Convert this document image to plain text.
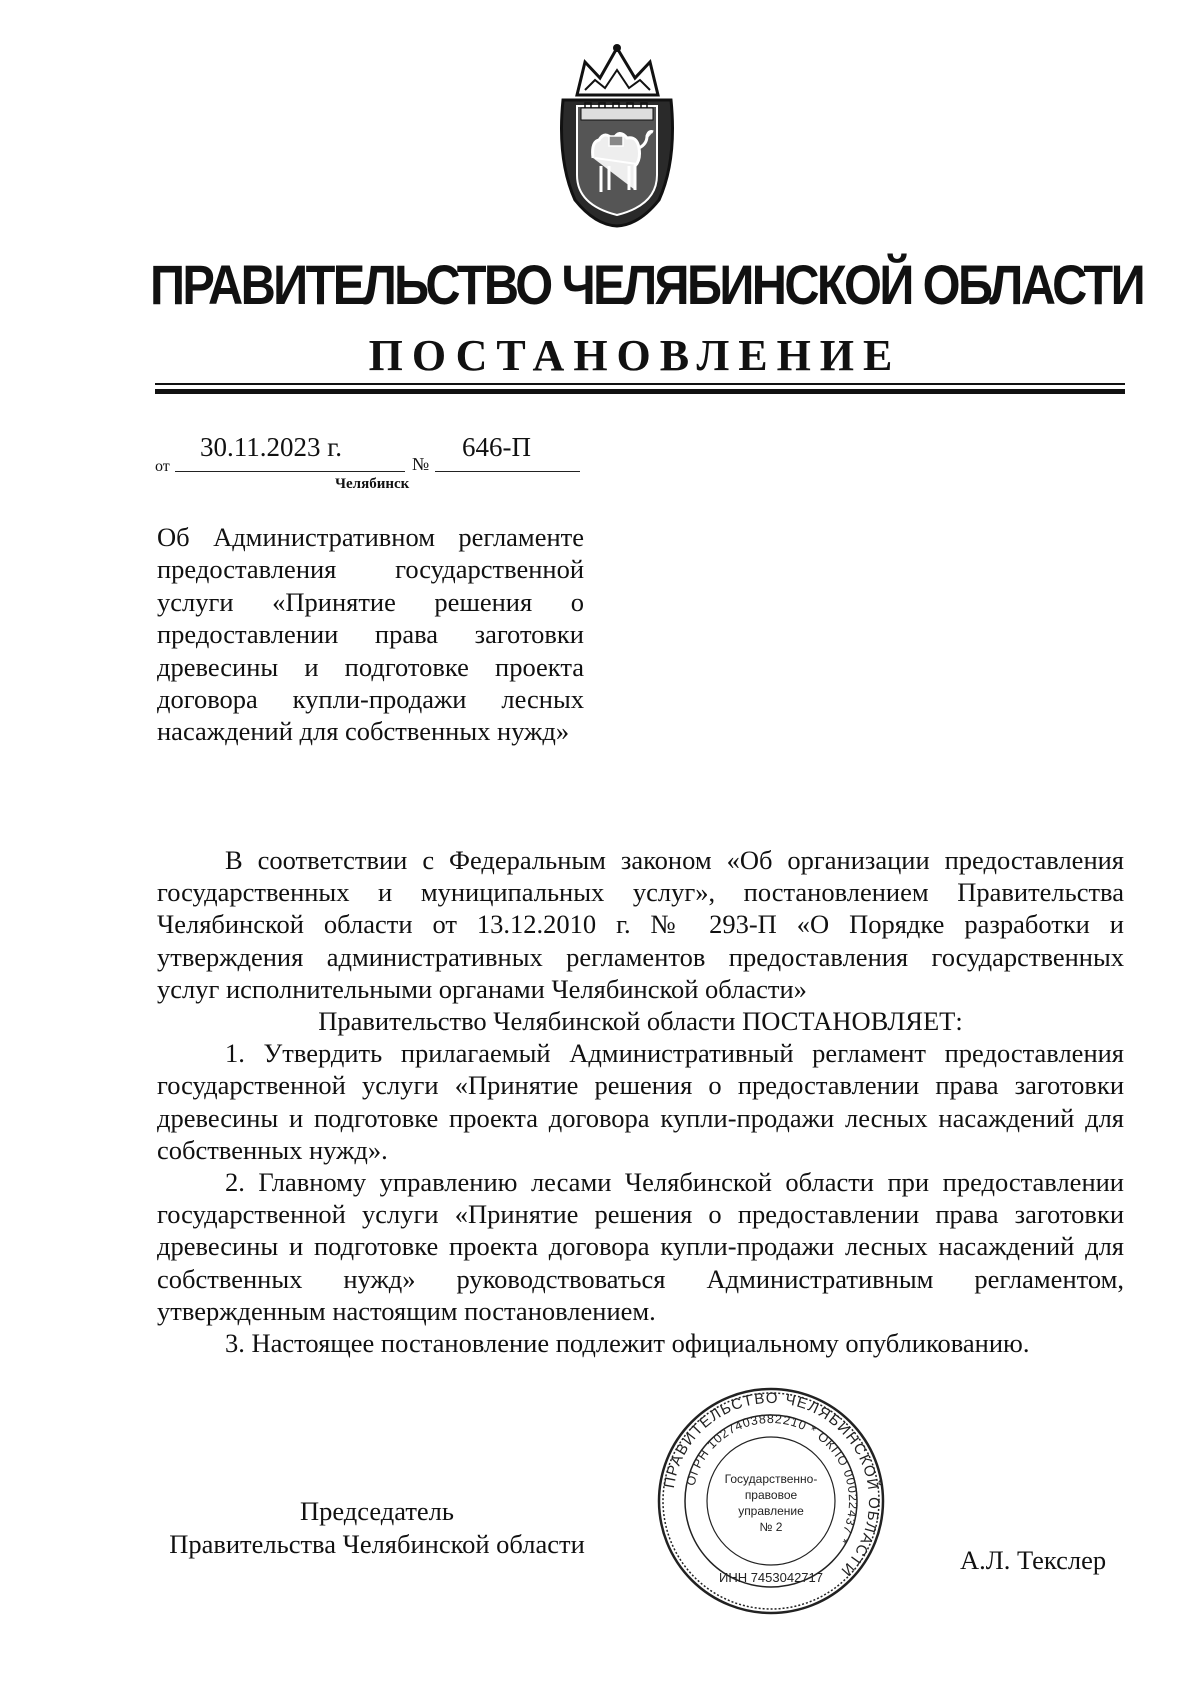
ПРАВИТЕЛЬСТВО ЧЕЛЯБИНСКОЙ ОБЛАСТИ
ПОСТАНОВЛЕНИЕ
от
30.11.2023 г.
№
646-П
Челябинск
Об Административном регламенте предоставления государственной услуги «Принятие решения о предоставлении права заготовки древесины и подготовке проекта договора купли-продажи лесных насаждений для собственных нужд»

В соответствии с Федеральным законом «Об организации предоставления государственных и муниципальных услуг», постановлением Правительства Челябинской области от 13.12.2010 г. № 293-П «О Порядке разработки и утверждения административных регламентов предоставления государственных услуг исполнительными органами Челябинской области»

Правительство Челябинской области ПОСТАНОВЛЯЕТ:

1. Утвердить прилагаемый Административный регламент предоставления государственной услуги «Принятие решения о предоставлении права заготовки древесины и подготовке проекта договора купли-продажи лесных насаждений для собственных нужд».

2. Главному управлению лесами Челябинской области при предоставлении государственной услуги «Принятие решения о предоставлении права заготовки древесины и подготовке проекта договора купли-продажи лесных насаждений для собственных нужд» руководствоваться Административным регламентом, утвержденным настоящим постановлением.

3. Настоящее постановление подлежит официальному опубликованию.

Председатель
Правительства Челябинской области
А.Л. Текслер
ПРАВИТЕЛЬСТВО ЧЕЛЯБИНСКОЙ ОБЛАСТИ
ОГРН 1027403882210 * ОКПО 00022437 *
ИНН 7453042717
Государственно-
правовое
управление
№ 2
